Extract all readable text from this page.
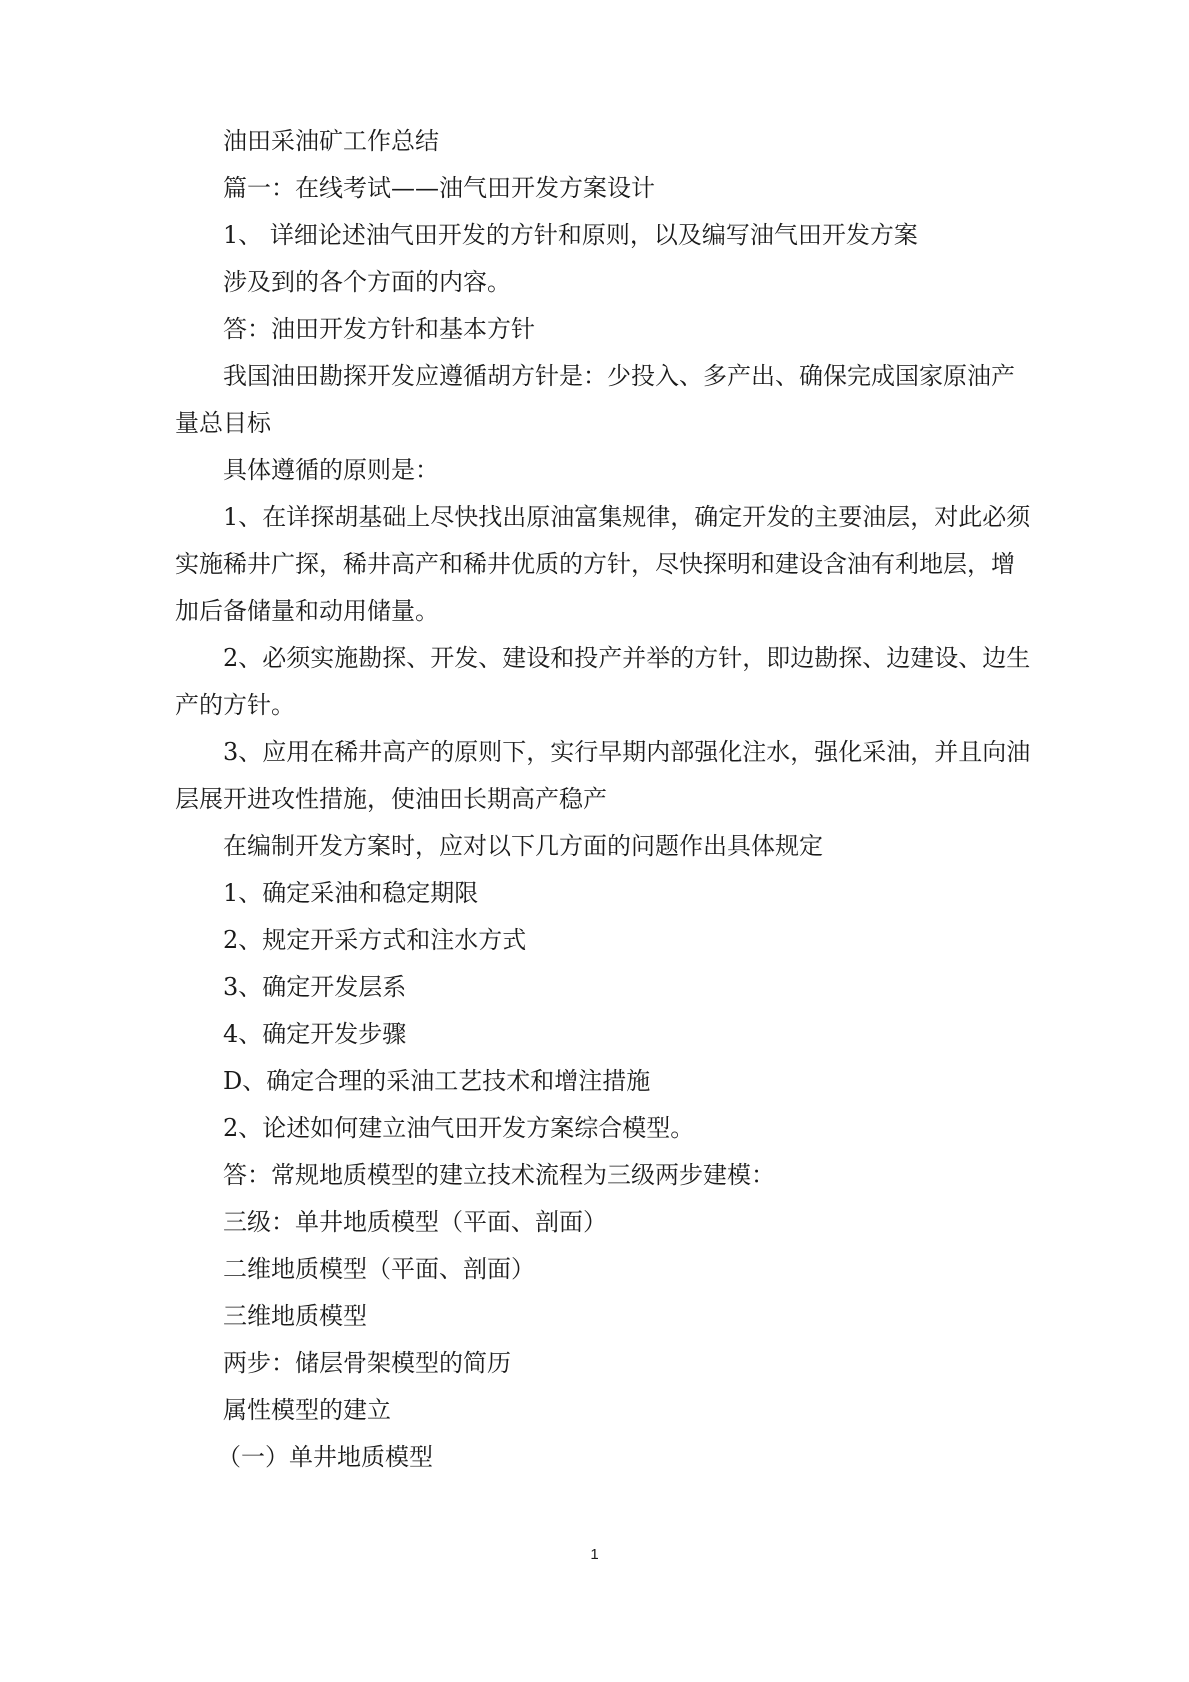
油田采油矿工作总结

篇一：在线考试——油气田开发方案设计

1、 详细论述油气田开发的方针和原则，以及编写油气田开发方案

涉及到的各个方面的内容。

答：油田开发方针和基本方针

我国油田勘探开发应遵循胡方针是：少投入、多产出、确保完成国家原油产

量总目标

具体遵循的原则是：

1、在详探胡基础上尽快找出原油富集规律，确定开发的主要油层，对此必须

实施稀井广探，稀井高产和稀井优质的方针，尽快探明和建设含油有利地层，增

加后备储量和动用储量。

2、必须实施勘探、开发、建设和投产并举的方针，即边勘探、边建设、边生

产的方针。

3、应用在稀井高产的原则下，实行早期内部强化注水，强化采油，并且向油

层展开进攻性措施，使油田长期高产稳产

在编制开发方案时，应对以下几方面的问题作出具体规定

1、确定采油和稳定期限

2、规定开采方式和注水方式

3、确定开发层系

4、确定开发步骤

D、确定合理的采油工艺技术和增注措施

2、论述如何建立油气田开发方案综合模型。

答：常规地质模型的建立技术流程为三级两步建模：

三级：单井地质模型（平面、剖面）

二维地质模型（平面、剖面）

三维地质模型

两步：储层骨架模型的简历

属性模型的建立

（一）单井地质模型

1
